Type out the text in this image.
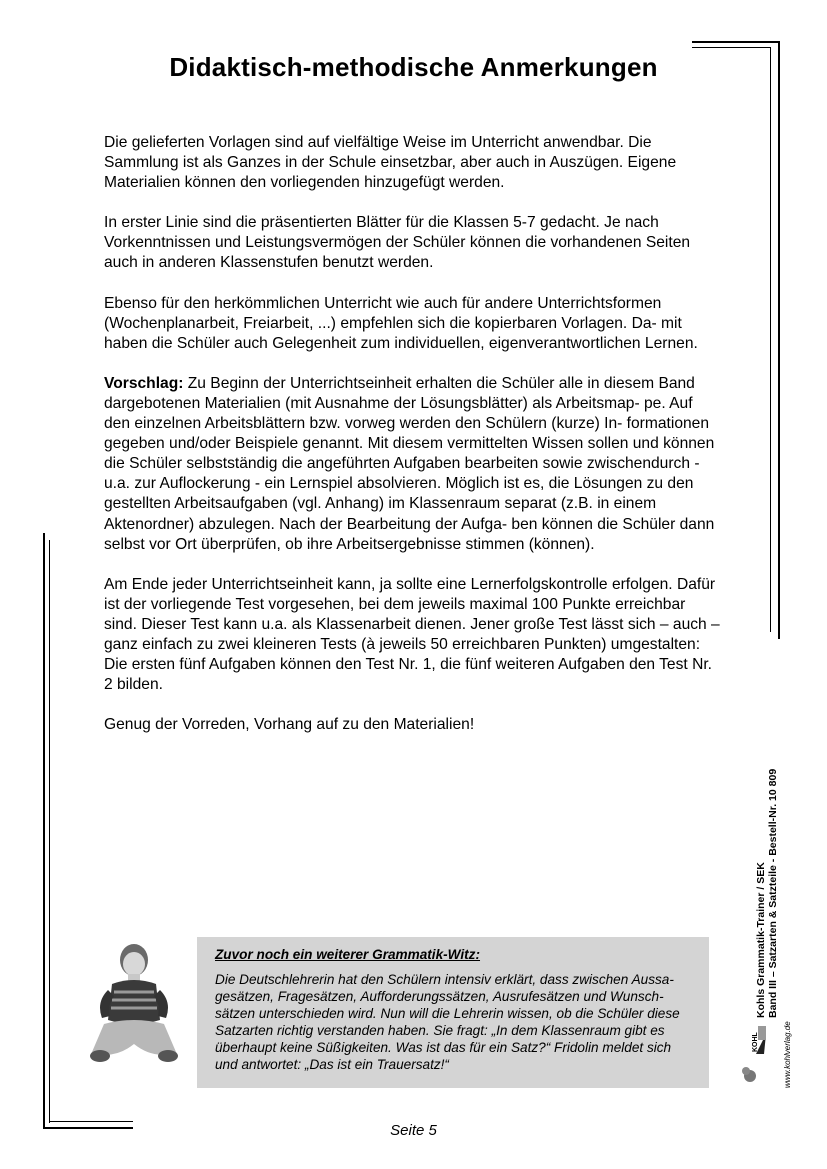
Didaktisch-methodische Anmerkungen

Die gelieferten Vorlagen sind auf vielfältige Weise im Unterricht anwendbar. Die Sammlung ist als Ganzes in der Schule einsetzbar, aber auch in Auszügen. Eigene Materialien können den vorliegenden hinzugefügt werden.

In erster Linie sind die präsentierten Blätter für die Klassen 5-7 gedacht. Je nach Vorkenntnissen und Leistungsvermögen der Schüler können die vorhandenen Seiten auch in anderen Klassenstufen benutzt werden.

Ebenso für den herkömmlichen Unterricht wie auch für andere Unterrichtsformen (Wochenplanarbeit, Freiarbeit, ...) empfehlen sich die kopierbaren Vorlagen. Da- mit haben die Schüler auch Gelegenheit zum individuellen, eigenverantwortlichen Lernen.

Vorschlag: Zu Beginn der Unterrichtseinheit erhalten die Schüler alle in diesem Band dargebotenen Materialien (mit Ausnahme der Lösungsblätter) als Arbeitsmap- pe. Auf den einzelnen Arbeitsblättern bzw. vorweg werden den Schülern (kurze) In- formationen gegeben und/oder Beispiele genannt. Mit diesem vermittelten Wissen sollen und können die Schüler selbstständig die angeführten Aufgaben bearbeiten sowie zwischendurch - u.a. zur Auflockerung - ein Lernspiel absolvieren. Möglich ist es, die Lösungen zu den gestellten Arbeitsaufgaben (vgl. Anhang) im Klassenraum separat (z.B. in einem Aktenordner) abzulegen. Nach der Bearbeitung der Aufga- ben können die Schüler dann selbst vor Ort überprüfen, ob ihre Arbeitsergebnisse stimmen (können).

Am Ende jeder Unterrichtseinheit kann, ja sollte eine Lernerfolgskontrolle erfolgen. Dafür ist der vorliegende Test vorgesehen, bei dem jeweils maximal 100 Punkte erreichbar sind. Dieser Test kann u.a. als Klassenarbeit dienen. Jener große Test lässt sich – auch – ganz einfach zu zwei kleineren Tests (à jeweils 50 erreichbaren Punkten) umgestalten: Die ersten fünf Aufgaben können den Test Nr. 1, die fünf weiteren Aufgaben den Test Nr. 2 bilden.

Genug der Vorreden, Vorhang auf zu den Materialien!

Zuvor noch ein weiterer Grammatik-Witz:
Die Deutschlehrerin hat den Schülern intensiv erklärt, dass zwischen Aussa- gesätzen, Fragesätzen, Aufforderungssätzen, Ausrufesätzen und Wunsch- sätzen unterschieden wird. Nun will die Lehrerin wissen, ob die Schüler diese Satzarten richtig verstanden haben. Sie fragt: „In dem Klassenraum gibt es überhaupt keine Süßigkeiten. Was ist das für ein Satz?“ Fridolin meldet sich und antwortet: „Das ist ein Trauersatz!“
Band III – Satzarten & Satzteile - Bestell-Nr. 10 809
Kohls Grammatik-Trainer / SEK
www.kohlverlag.de
KOHL
Seite 5
